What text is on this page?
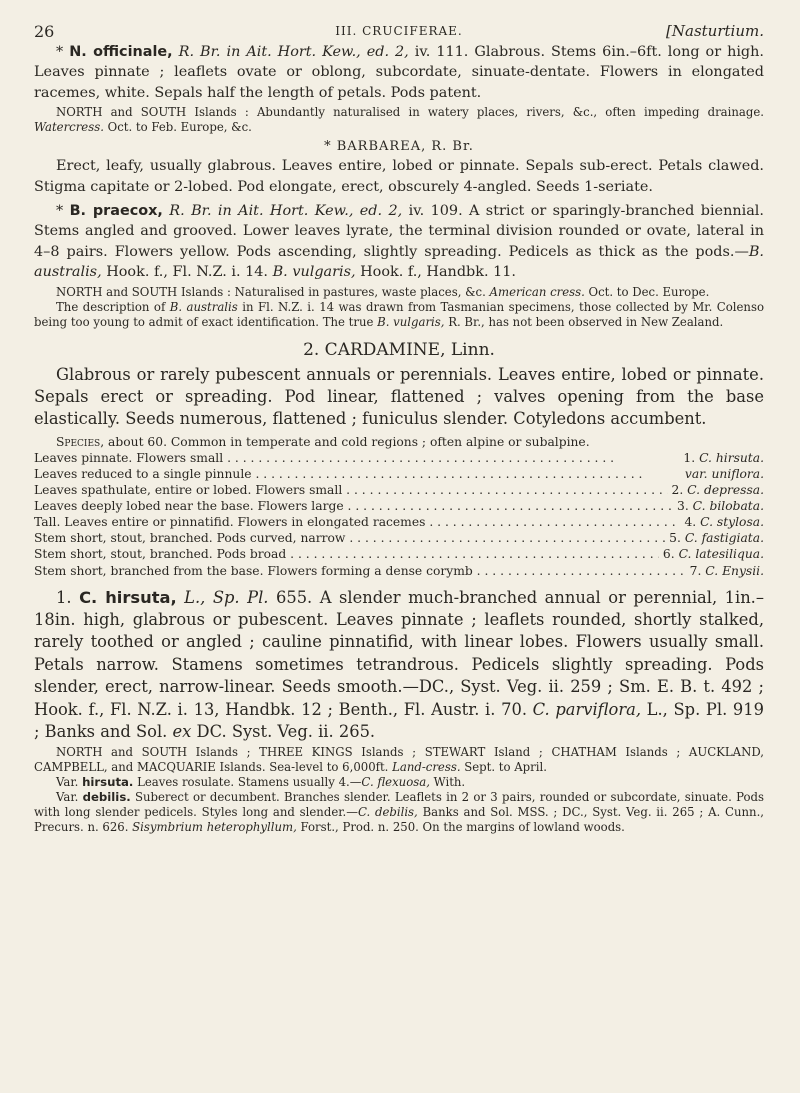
26	III. CRUCIFERAE.	[Nasturtium.

* N. officinale, R. Br. in Ait. Hort. Kew., ed. 2, iv. 111. Glabrous. Stems 6in.–6ft. long or high. Leaves pinnate ; leaflets ovate or oblong, subcordate, sinuate-dentate. Flowers in elongated racemes, white. Sepals half the length of petals. Pods patent.

NORTH and SOUTH Islands : Abundantly naturalised in watery places, rivers, &c., often impeding drainage. Watercress. Oct. to Feb. Europe, &c.

* BARBAREA, R. Br.

Erect, leafy, usually glabrous. Leaves entire, lobed or pinnate. Sepals sub-erect. Petals clawed. Stigma capitate or 2-lobed. Pod elongate, erect, obscurely 4-angled. Seeds 1-seriate.

* B. praecox, R. Br. in Ait. Hort. Kew., ed. 2, iv. 109. A strict or sparingly-branched biennial. Stems angled and grooved. Lower leaves lyrate, the terminal division rounded or ovate, lateral in 4–8 pairs. Flowers yellow. Pods ascending, slightly spreading. Pedicels as thick as the pods.—B. australis, Hook. f., Fl. N.Z. i. 14. B. vulgaris, Hook. f., Handbk. 11.

NORTH and SOUTH Islands : Naturalised in pastures, waste places, &c. American cress. Oct. to Dec. Europe.

The description of B. australis in Fl. N.Z. i. 14 was drawn from Tasmanian specimens, those collected by Mr. Colenso being too young to admit of exact identification. The true B. vulgaris, R. Br., has not been observed in New Zealand.

2. CARDAMINE, Linn.

Glabrous or rarely pubescent annuals or perennials. Leaves entire, lobed or pinnate. Sepals erect or spreading. Pod linear, flattened ; valves opening from the base elastically. Seeds numerous, flattened ; funiculus slender. Cotyledons accumbent.

Species, about 60. Common in temperate and cold regions ; often alpine or subalpine.

Leaves pinnate. Flowers small . . .	1. C. hirsuta.
Leaves reduced to a single pinnule . . .	var. uniflora.
Leaves spathulate, entire or lobed. Flowers small . . .	2. C. depressa.
Leaves deeply lobed near the base. Flowers large . . .	3. C. bilobata.
Tall. Leaves entire or pinnatifid. Flowers in elongated racemes . . .	4. C. stylosa.
Stem short, stout, branched. Pods curved, narrow . . .	5. C. fastigiata.
Stem short, stout, branched. Pods broad . . .	6. C. latesiliqua.
Stem short, branched from the base. Flowers forming a dense corymb . . .	7. C. Enysii.

1. C. hirsuta, L., Sp. Pl. 655. A slender much-branched annual or perennial, 1in.–18in. high, glabrous or pubescent. Leaves pinnate ; leaflets rounded, shortly stalked, rarely toothed or angled ; cauline pinnatifid, with linear lobes. Flowers usually small. Petals narrow. Stamens sometimes tetrandrous. Pedicels slightly spreading. Pods slender, erect, narrow-linear. Seeds smooth.—DC., Syst. Veg. ii. 259 ; Sm. E. B. t. 492 ; Hook. f., Fl. N.Z. i. 13, Handbk. 12 ; Benth., Fl. Austr. i. 70. C. parviflora, L., Sp. Pl. 919 ; Banks and Sol. ex DC. Syst. Veg. ii. 265.

NORTH and SOUTH Islands ; THREE KINGS Islands ; STEWART Island ; CHATHAM Islands ; AUCKLAND, CAMPBELL, and MACQUARIE Islands. Sea-level to 6,000ft. Land-cress. Sept. to April.

Var. hirsuta. Leaves rosulate. Stamens usually 4.—C. flexuosa, With.

Var. debilis. Suberect or decumbent. Branches slender. Leaflets in 2 or 3 pairs, rounded or subcordate, sinuate. Pods with long slender pedicels. Styles long and slender.—C. debilis, Banks and Sol. MSS. ; DC., Syst. Veg. ii. 265 ; A. Cunn., Precurs. n. 626. Sisymbrium heterophyllum, Forst., Prod. n. 250. On the margins of lowland woods.
